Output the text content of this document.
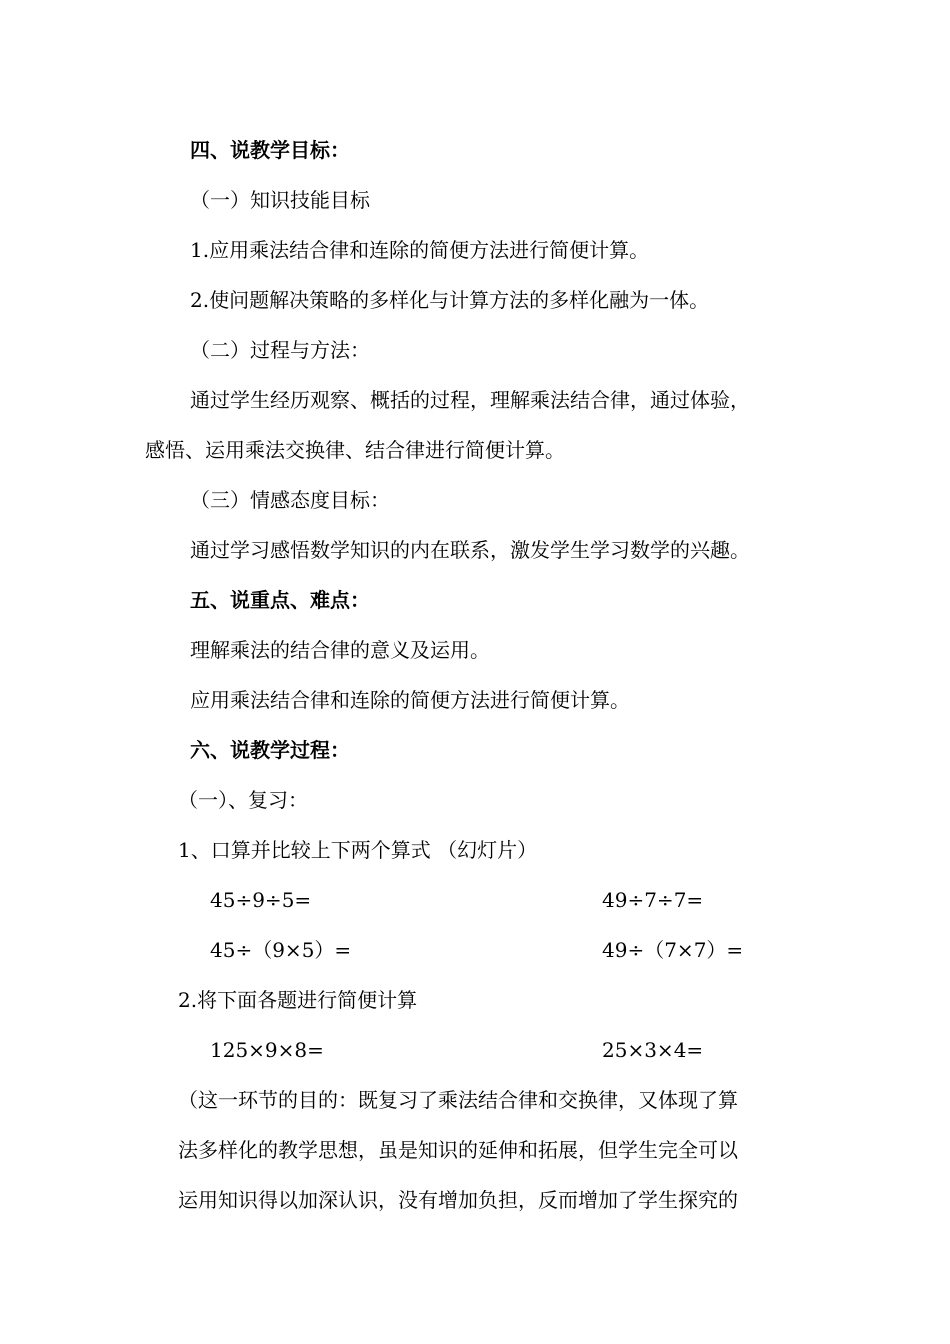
四、说教学目标：
（一）知识技能目标
1.应用乘法结合律和连除的简便方法进行简便计算。
2.使问题解决策略的多样化与计算方法的多样化融为一体。
（二）过程与方法：
通过学生经历观察、概括的过程，理解乘法结合律，通过体验，
感悟、运用乘法交换律、结合律进行简便计算。
（三）情感态度目标：
通过学习感悟数学知识的内在联系，激发学生学习数学的兴趣。
五、说重点、难点：
理解乘法的结合律的意义及运用。
应用乘法结合律和连除的简便方法进行简便计算。
六、说教学过程：
（一）、复习：
1、口算并比较上下两个算式 （幻灯片）
45÷9÷5=	49÷7÷7=
45÷（9×5）=	49÷（7×7）=
2.将下面各题进行简便计算
125×9×8=	25×3×4=
（这一环节的目的：既复习了乘法结合律和交换律，又体现了算
法多样化的教学思想，虽是知识的延伸和拓展，但学生完全可以
运用知识得以加深认识，没有增加负担，反而增加了学生探究的
